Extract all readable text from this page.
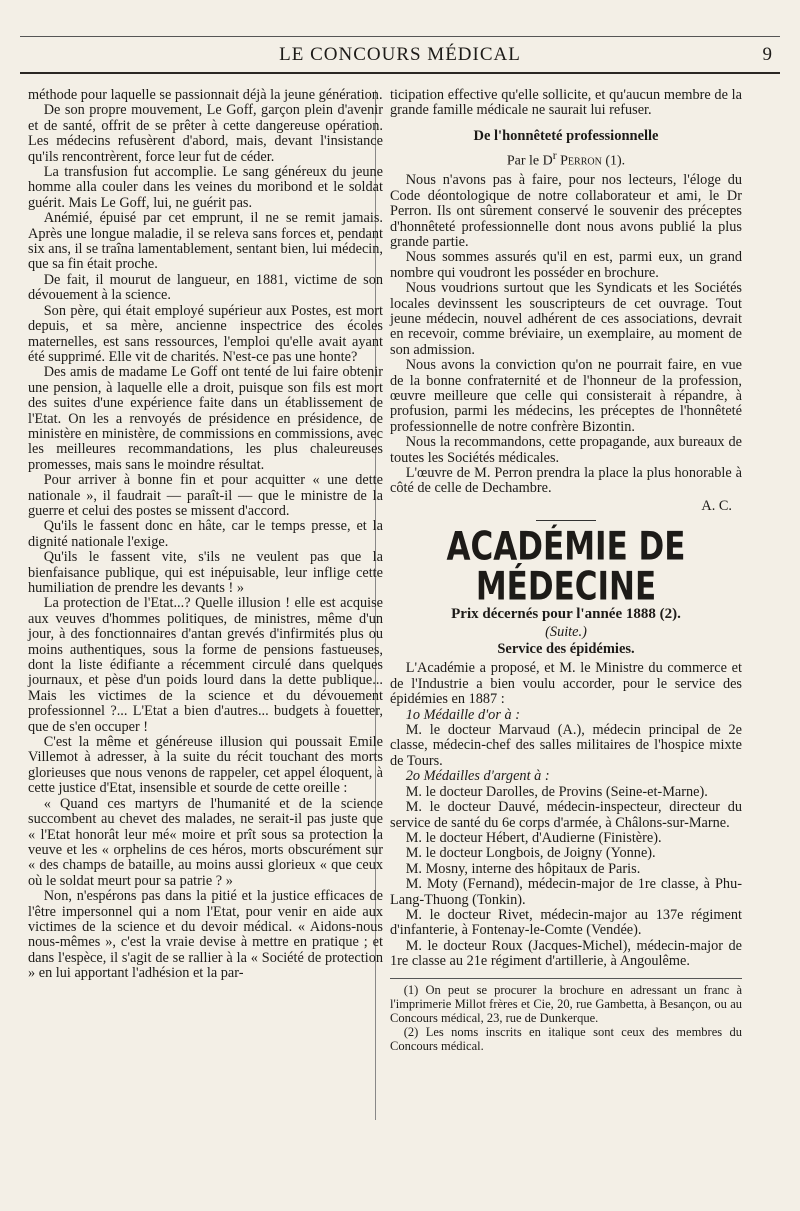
LE CONCOURS MÉDICAL	9

méthode pour laquelle se passionnait déjà la jeune génération.

De son propre mouvement, Le Goff, garçon plein d'avenir et de santé, offrit de se prêter à cette dangereuse opération. Les médecins refusèrent d'abord, mais, devant l'insistance qu'ils rencontrèrent, force leur fut de céder.

La transfusion fut accomplie. Le sang généreux du jeune homme alla couler dans les veines du moribond et le soldat guérit. Mais Le Goff, lui, ne guérit pas.

Anémié, épuisé par cet emprunt, il ne se remit jamais. Après une longue maladie, il se releva sans forces et, pendant six ans, il se traîna lamentablement, sentant bien, lui médecin, que sa fin était proche.

De fait, il mourut de langueur, en 1881, victime de son dévouement à la science.

Son père, qui était employé supérieur aux Postes, est mort depuis, et sa mère, ancienne inspectrice des écoles maternelles, est sans ressources, l'emploi qu'elle avait ayant été supprimé. Elle vit de charités. N'est-ce pas une honte?

Des amis de madame Le Goff ont tenté de lui faire obtenir une pension, à laquelle elle a droit, puisque son fils est mort des suites d'une expérience faite dans un établissement de l'Etat. On les a renvoyés de présidence en présidence, de ministère en ministère, de commissions en commissions, avec les meilleures recommandations, les plus chaleureuses promesses, mais sans le moindre résultat.

Pour arriver à bonne fin et pour acquitter « une dette nationale », il faudrait — paraît-il — que le ministre de la guerre et celui des postes se missent d'accord.

Qu'ils le fassent donc en hâte, car le temps presse, et la dignité nationale l'exige.

Qu'ils le fassent vite, s'ils ne veulent pas que la bienfaisance publique, qui est inépuisable, leur inflige cette humiliation de prendre les devants ! »

La protection de l'Etat...? Quelle illusion ! elle est acquise aux veuves d'hommes politiques, de ministres, même d'un jour, à des fonctionnaires d'antan grevés d'infirmités plus ou moins authentiques, sous la forme de pensions fastueuses, dont la liste édifiante a récemment circulé dans quelques journaux, et pèse d'un poids lourd dans la dette publique... Mais les victimes de la science et du dévouement professionnel ?... L'Etat a bien d'autres... budgets à fouetter, que de s'en occuper !

C'est la même et généreuse illusion qui poussait Emile Villemot à adresser, à la suite du récit touchant des morts glorieuses que nous venons de rappeler, cet appel éloquent, à cette justice d'Etat, insensible et sourde de cette oreille :

« Quand ces martyrs de l'humanité et de la science succombent au chevet des malades, ne serait-il pas juste que « l'Etat honorât leur mé« moire et prît sous sa protection la veuve et les « orphelins de ces héros, morts obscurément sur « des champs de bataille, au moins aussi glorieux « que ceux où le soldat meurt pour sa patrie ? »

Non, n'espérons pas dans la pitié et la justice efficaces de l'être impersonnel qui a nom l'Etat, pour venir en aide aux victimes de la science et du devoir médical. « Aidons-nous nous-mêmes », c'est la vraie devise à mettre en pratique ; et dans l'espèce, il s'agit de se rallier à la « Société de protection » en lui apportant l'adhésion et la par-

ticipation effective qu'elle sollicite, et qu'aucun membre de la grande famille médicale ne saurait lui refuser.

De l'honnêteté professionnelle
Par le $D^r$ Perron (1).

Nous n'avons pas à faire, pour nos lecteurs, l'éloge du Code déontologique de notre collaborateur et ami, le Dr Perron. Ils ont sûrement conservé le souvenir des préceptes d'honnêteté professionnelle dont nous avons publié la plus grande partie.

Nous sommes assurés qu'il en est, parmi eux, un grand nombre qui voudront les posséder en brochure.

Nous voudrions surtout que les Syndicats et les Sociétés locales devinssent les souscripteurs de cet ouvrage. Tout jeune médecin, nouvel adhérent de ces associations, devrait en recevoir, comme bréviaire, un exemplaire, au moment de son admission.

Nous avons la conviction qu'on ne pourrait faire, en vue de la bonne confraternité et de l'honneur de la profession, œuvre meilleure que celle qui consisterait à répandre, à profusion, parmi les médecins, les préceptes de l'honnêteté professionnelle de notre confrère Bizontin.

Nous la recommandons, cette propagande, aux bureaux de toutes les Sociétés médicales.

L'œuvre de M. Perron prendra la place la plus honorable à côté de celle de Dechambre.

A. C.
ACADÉMIE DE MÉDECINE
Prix décernés pour l'année 1888 (2).
(Suite.)
Service des épidémies.

L'Académie a proposé, et M. le Ministre du commerce et de l'Industrie a bien voulu accorder, pour le service des épidémies en 1887 :

1o Médaille d'or à :

M. le docteur Marvaud (A.), médecin principal de 2e classe, médecin-chef des salles militaires de l'hospice mixte de Tours.

2o Médailles d'argent à :

M. le docteur Darolles, de Provins (Seine-et-Marne).

M. le docteur Dauvé, médecin-inspecteur, directeur du service de santé du 6e corps d'armée, à Châlons-sur-Marne.

M. le docteur Hébert, d'Audierne (Finistère).

M. le docteur Longbois, de Joigny (Yonne).

M. Mosny, interne des hôpitaux de Paris.

M. Moty (Fernand), médecin-major de 1re classe, à Phu-Lang-Thuong (Tonkin).

M. le docteur Rivet, médecin-major au 137e régiment d'infanterie, à Fontenay-le-Comte (Vendée).

M. le docteur Roux (Jacques-Michel), médecin-major de 1re classe au 21e régiment d'artillerie, à Angoulême.

(1) On peut se procurer la brochure en adressant un franc à l'imprimerie Millot frères et Cie, 20, rue Gambetta, à Besançon, ou au Concours médical, 23, rue de Dunkerque.

(2) Les noms inscrits en italique sont ceux des membres du Concours médical.
